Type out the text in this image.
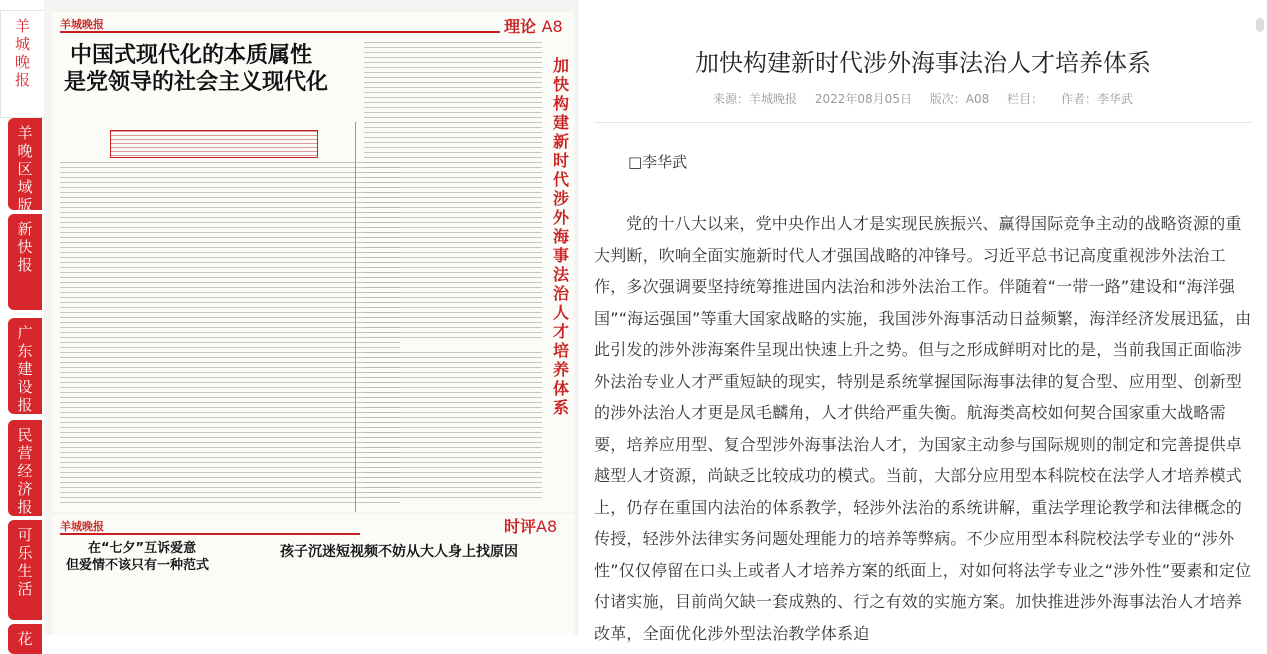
羊城晚报
羊晚区域版
新快报
广东建设报
民营经济报
可乐生活
花
羊城晚报	理论 A8
中国式现代化的本质属性
是党领导的社会主义现代化
加快构建新时代涉外海事法治人才培养体系
羊城晚报	时评A8
在“七夕”互诉爱意
但爱情不该只有一种范式
孩子沉迷短视频不妨从大人身上找原因
加快构建新时代涉外海事法治人才培养体系
来源：羊城晚报 2022年08月05日 版次：A08 栏目： 作者：李华武
□李华武
党的十八大以来，党中央作出人才是实现民族振兴、赢得国际竞争主动的战略资源的重大判断，吹响全面实施新时代人才强国战略的冲锋号。习近平总书记高度重视涉外法治工作，多次强调要坚持统筹推进国内法治和涉外法治工作。伴随着“一带一路”建设和“海洋强国”“海运强国”等重大国家战略的实施，我国涉外海事活动日益频繁，海洋经济发展迅猛，由此引发的涉外涉海案件呈现出快速上升之势。但与之形成鲜明对比的是，当前我国正面临涉外法治专业人才严重短缺的现实，特别是系统掌握国际海事法律的复合型、应用型、创新型的涉外法治人才更是凤毛麟角，人才供给严重失衡。航海类高校如何契合国家重大战略需要，培养应用型、复合型涉外海事法治人才，为国家主动参与国际规则的制定和完善提供卓越型人才资源，尚缺乏比较成功的模式。当前，大部分应用型本科院校在法学人才培养模式上，仍存在重国内法治的体系教学，轻涉外法治的系统讲解，重法学理论教学和法律概念的传授，轻涉外法律实务问题处理能力的培养等弊病。不少应用型本科院校法学专业的“涉外性”仅仅停留在口头上或者人才培养方案的纸面上，对如何将法学专业之“涉外性”要素和定位付诸实施，目前尚欠缺一套成熟的、行之有效的实施方案。加快推进涉外海事法治人才培养改革，全面优化涉外型法治教学体系迫
